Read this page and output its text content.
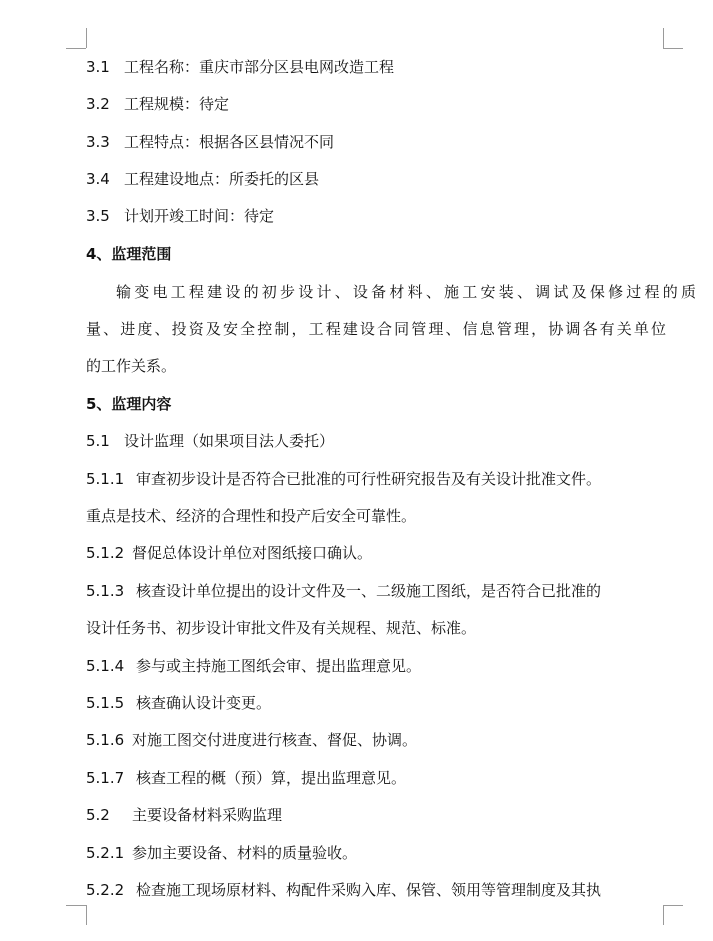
3.1 工程名称：重庆市部分区县电网改造工程
3.2 工程规模：待定
3.3 工程特点：根据各区县情况不同
3.4 工程建设地点：所委托的区县
3.5 计划开竣工时间：待定
4、监理范围
输变电工程建设的初步设计、设备材料、施工安装、调试及保修过程的质
量、进度、投资及安全控制，工程建设合同管理、信息管理，协调各有关单位
的工作关系。
5、监理内容
5.1 设计监理（如果项目法人委托）
5.1.1 审查初步设计是否符合已批准的可行性研究报告及有关设计批准文件。
重点是技术、经济的合理性和投产后安全可靠性。
5.1.2 督促总体设计单位对图纸接口确认。
5.1.3 核查设计单位提出的设计文件及一、二级施工图纸，是否符合已批准的
设计任务书、初步设计审批文件及有关规程、规范、标准。
5.1.4 参与或主持施工图纸会审、提出监理意见。
5.1.5 核查确认设计变更。
5.1.6 对施工图交付进度进行核查、督促、协调。
5.1.7 核查工程的概（预）算，提出监理意见。
5.2 主要设备材料采购监理
5.2.1 参加主要设备、材料的质量验收。
5.2.2 检查施工现场原材料、构配件采购入库、保管、领用等管理制度及其执
